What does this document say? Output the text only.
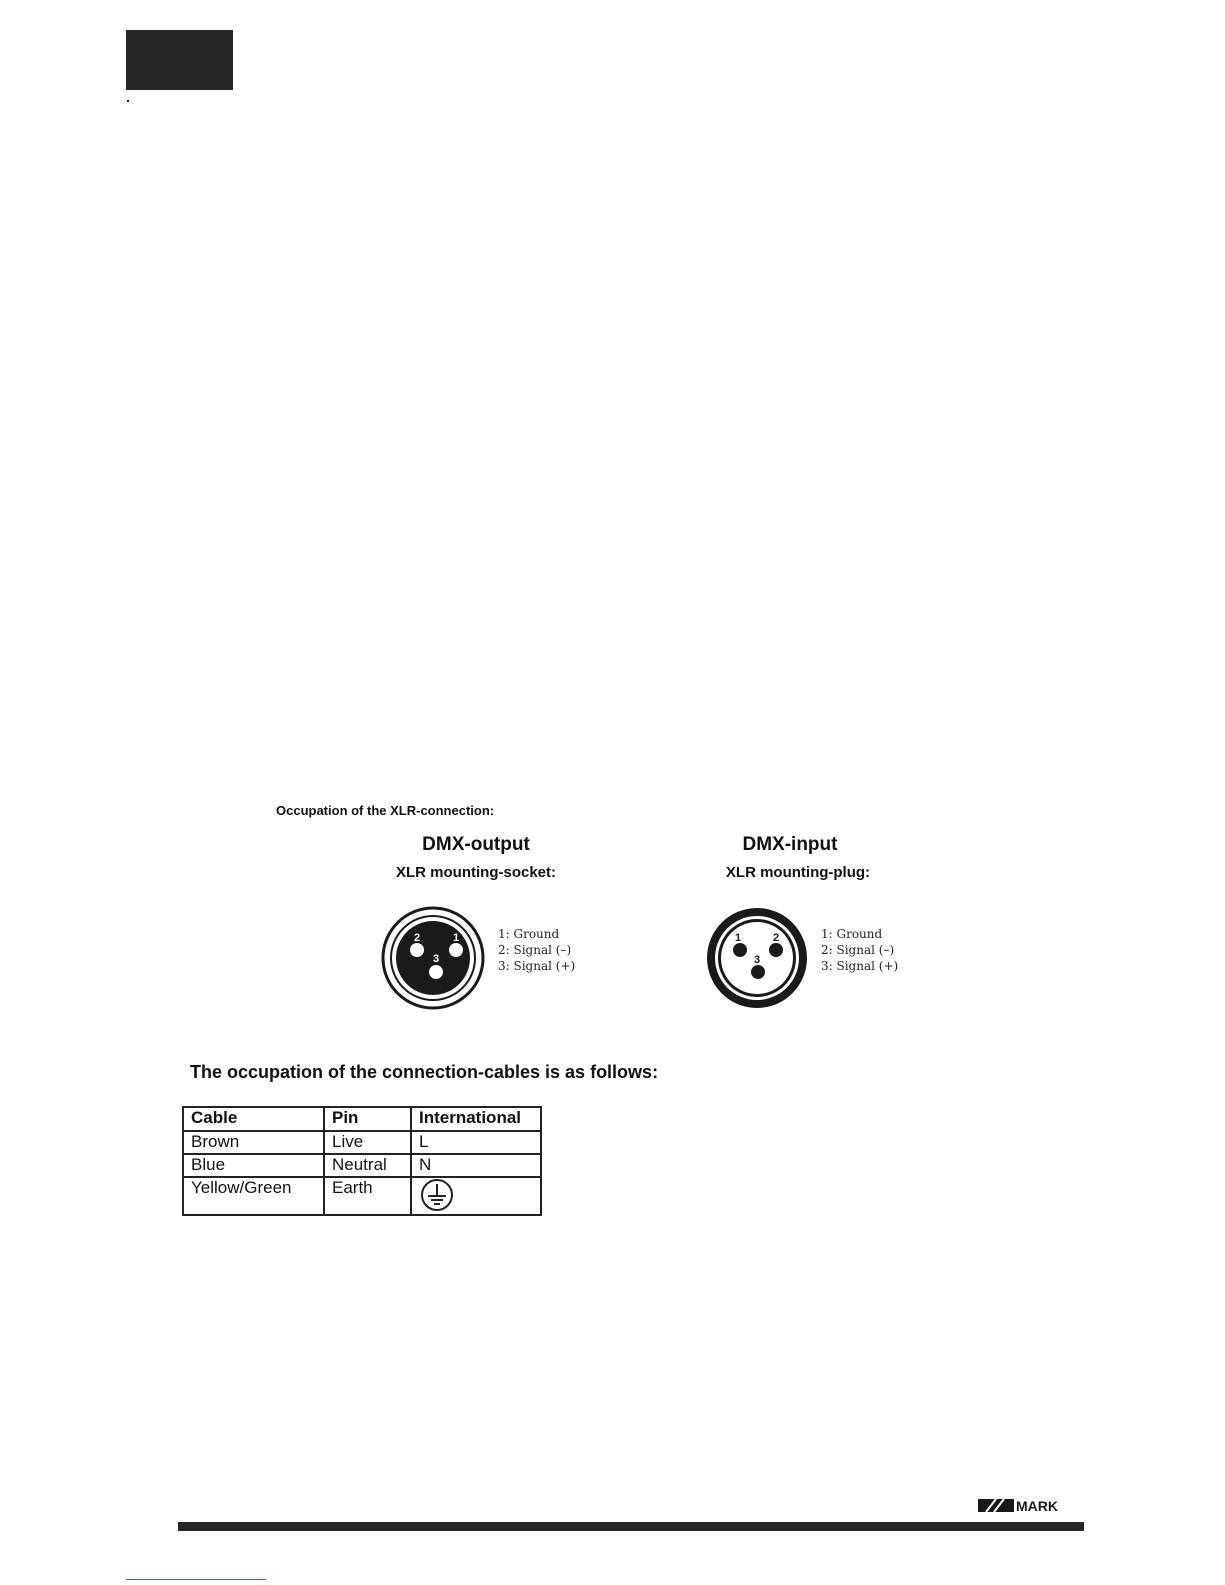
Occupation of the XLR-connection:
DMX-output
XLR mounting-socket:
2	1
3
1: Ground
2: Signal (–)
3: Signal (+)
DMX-input
XLR mounting-plug:
1	2
3
1: Ground
2: Signal (–)
3: Signal (+)
The occupation of the connection-cables is as follows:
Cable	Pin	International
Brown	Live	L
Blue	Neutral	N
Yellow/Green	Earth	
MARK
